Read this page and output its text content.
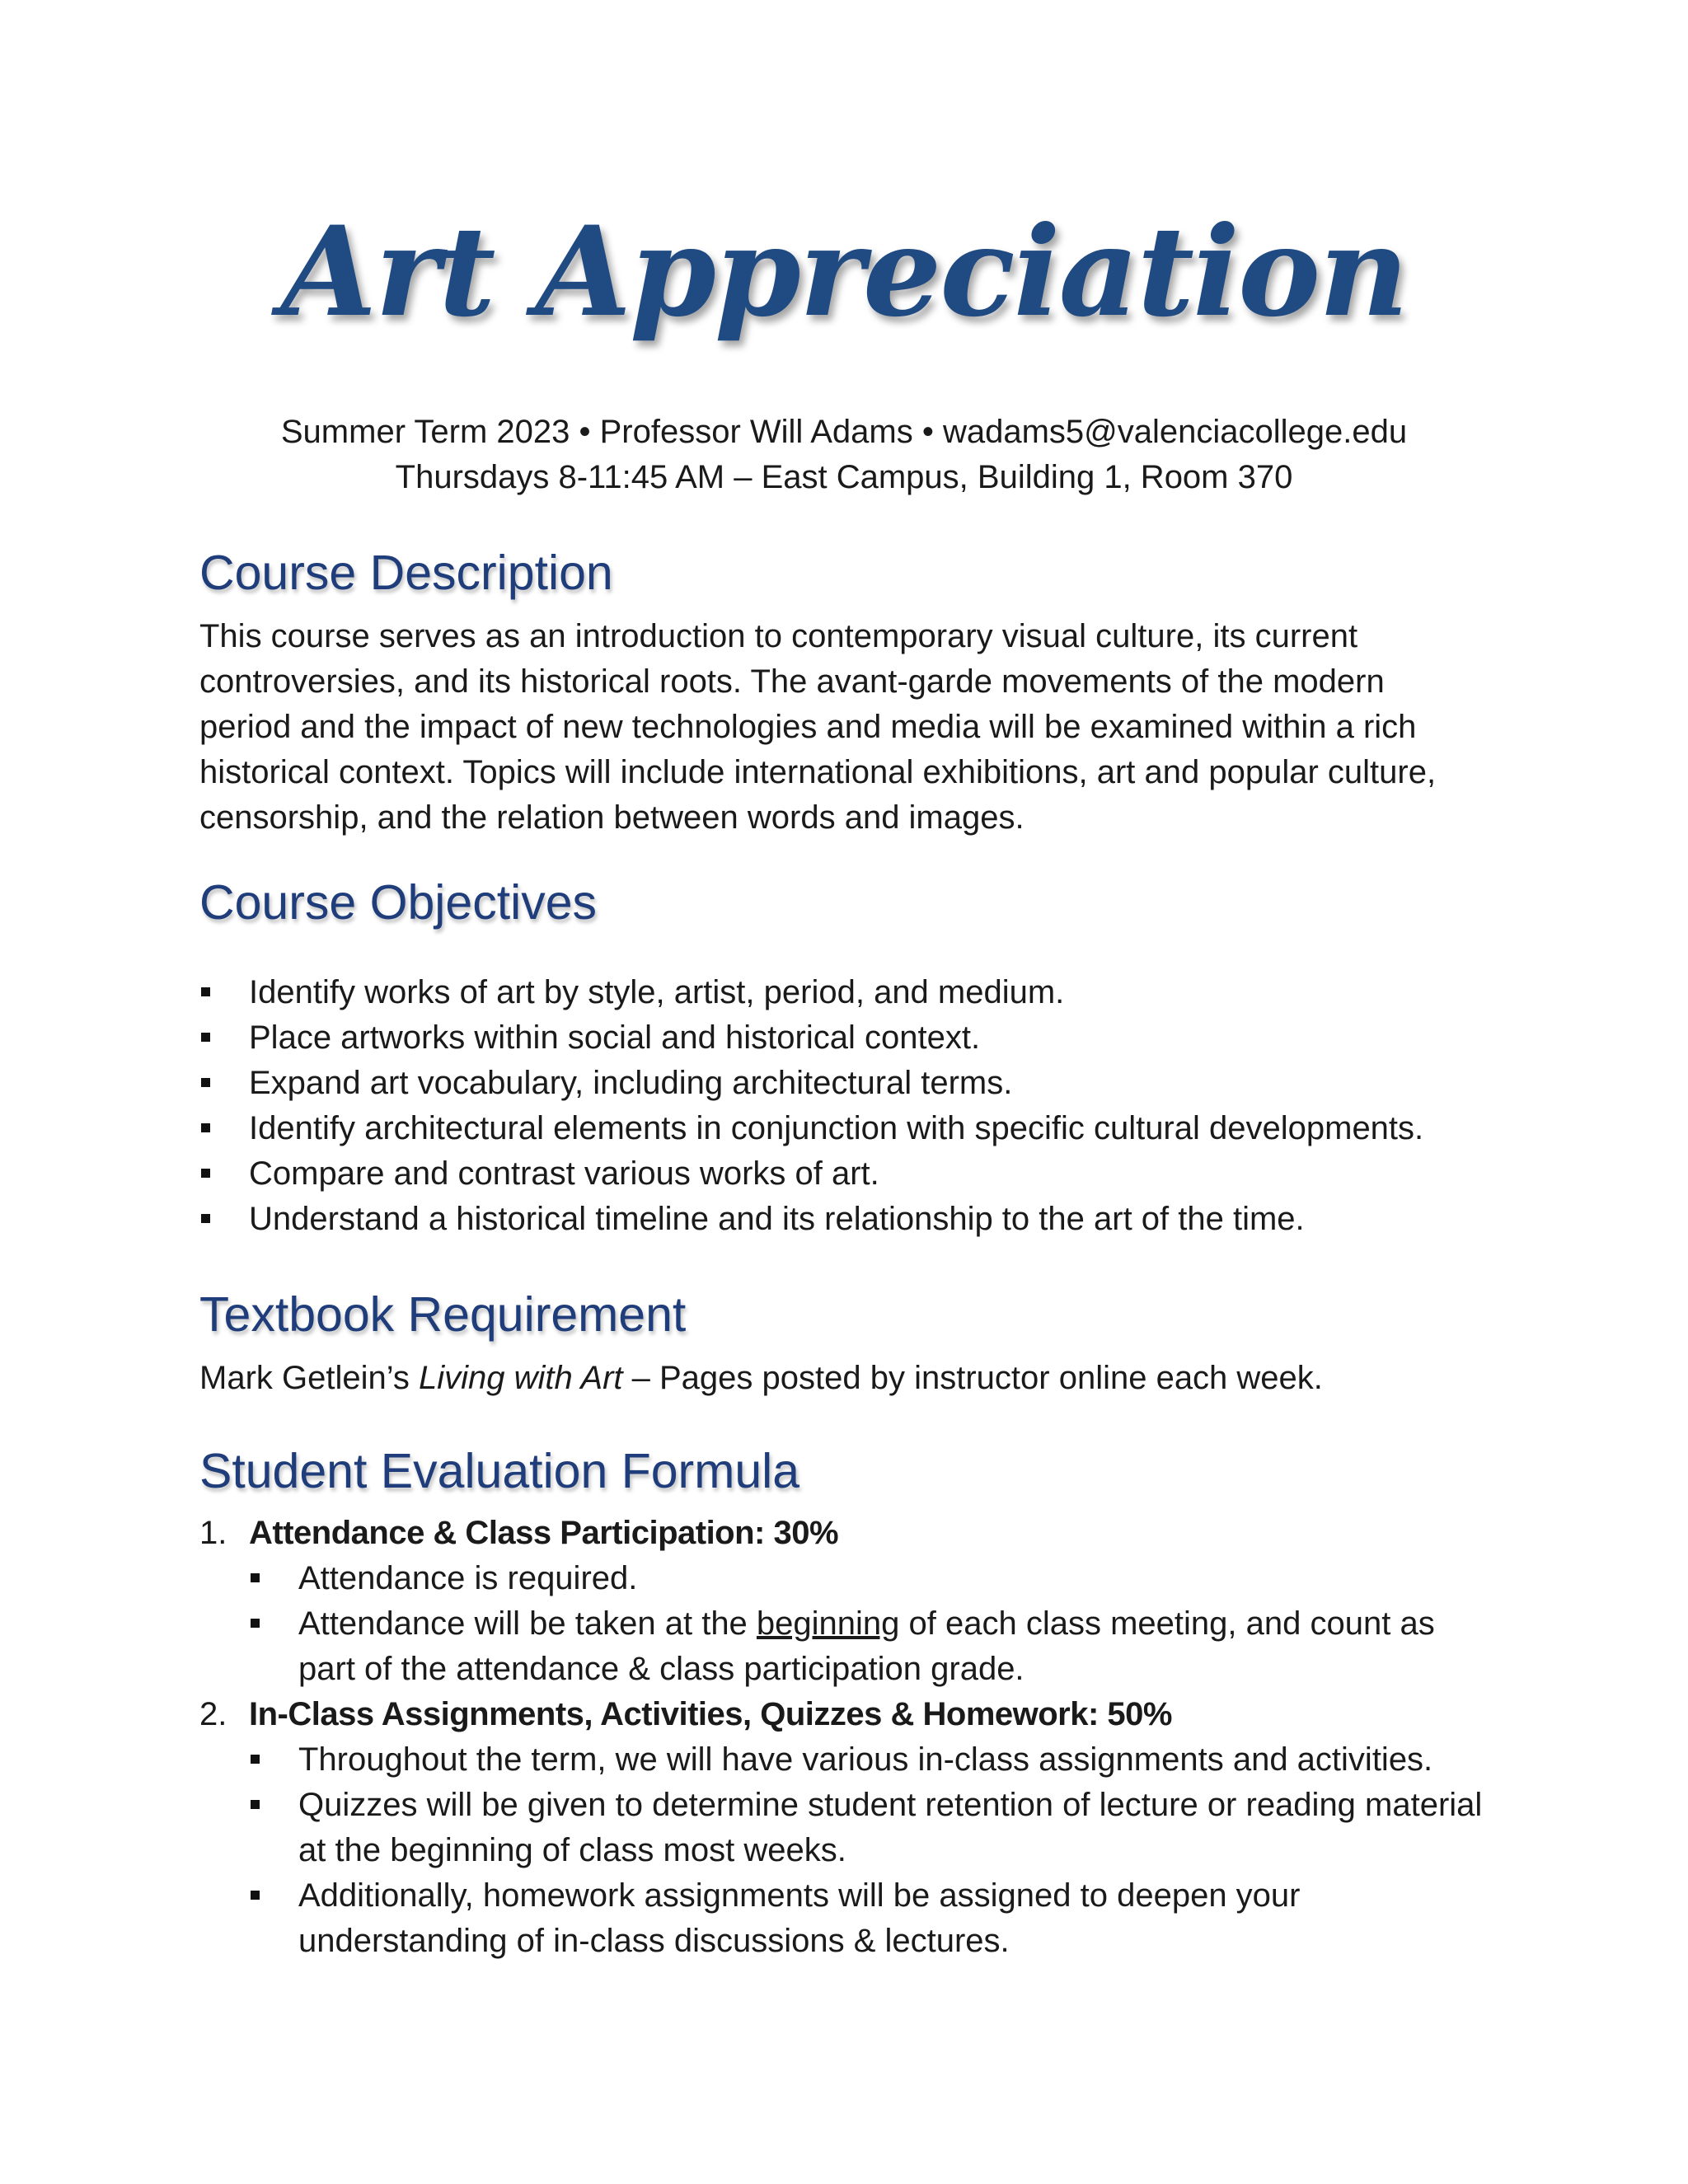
Art Appreciation
Summer Term 2023 • Professor Will Adams • wadams5@valenciacollege.edu
Thursdays 8-11:45 AM – East Campus, Building 1, Room 370
Course Description
This course serves as an introduction to contemporary visual culture, its current controversies, and its historical roots. The avant-garde movements of the modern period and the impact of new technologies and media will be examined within a rich historical context. Topics will include international exhibitions, art and popular culture, censorship, and the relation between words and images.
Course Objectives
Identify works of art by style, artist, period, and medium.
Place artworks within social and historical context.
Expand art vocabulary, including architectural terms.
Identify architectural elements in conjunction with specific cultural developments.
Compare and contrast various works of art.
Understand a historical timeline and its relationship to the art of the time.
Textbook Requirement
Mark Getlein’s Living with Art – Pages posted by instructor online each week.
Student Evaluation Formula
1. Attendance & Class Participation: 30%
Attendance is required.
Attendance will be taken at the beginning of each class meeting, and count as part of the attendance & class participation grade.
2. In-Class Assignments, Activities, Quizzes & Homework: 50%
Throughout the term, we will have various in-class assignments and activities.
Quizzes will be given to determine student retention of lecture or reading material at the beginning of class most weeks.
Additionally, homework assignments will be assigned to deepen your understanding of in-class discussions & lectures.
